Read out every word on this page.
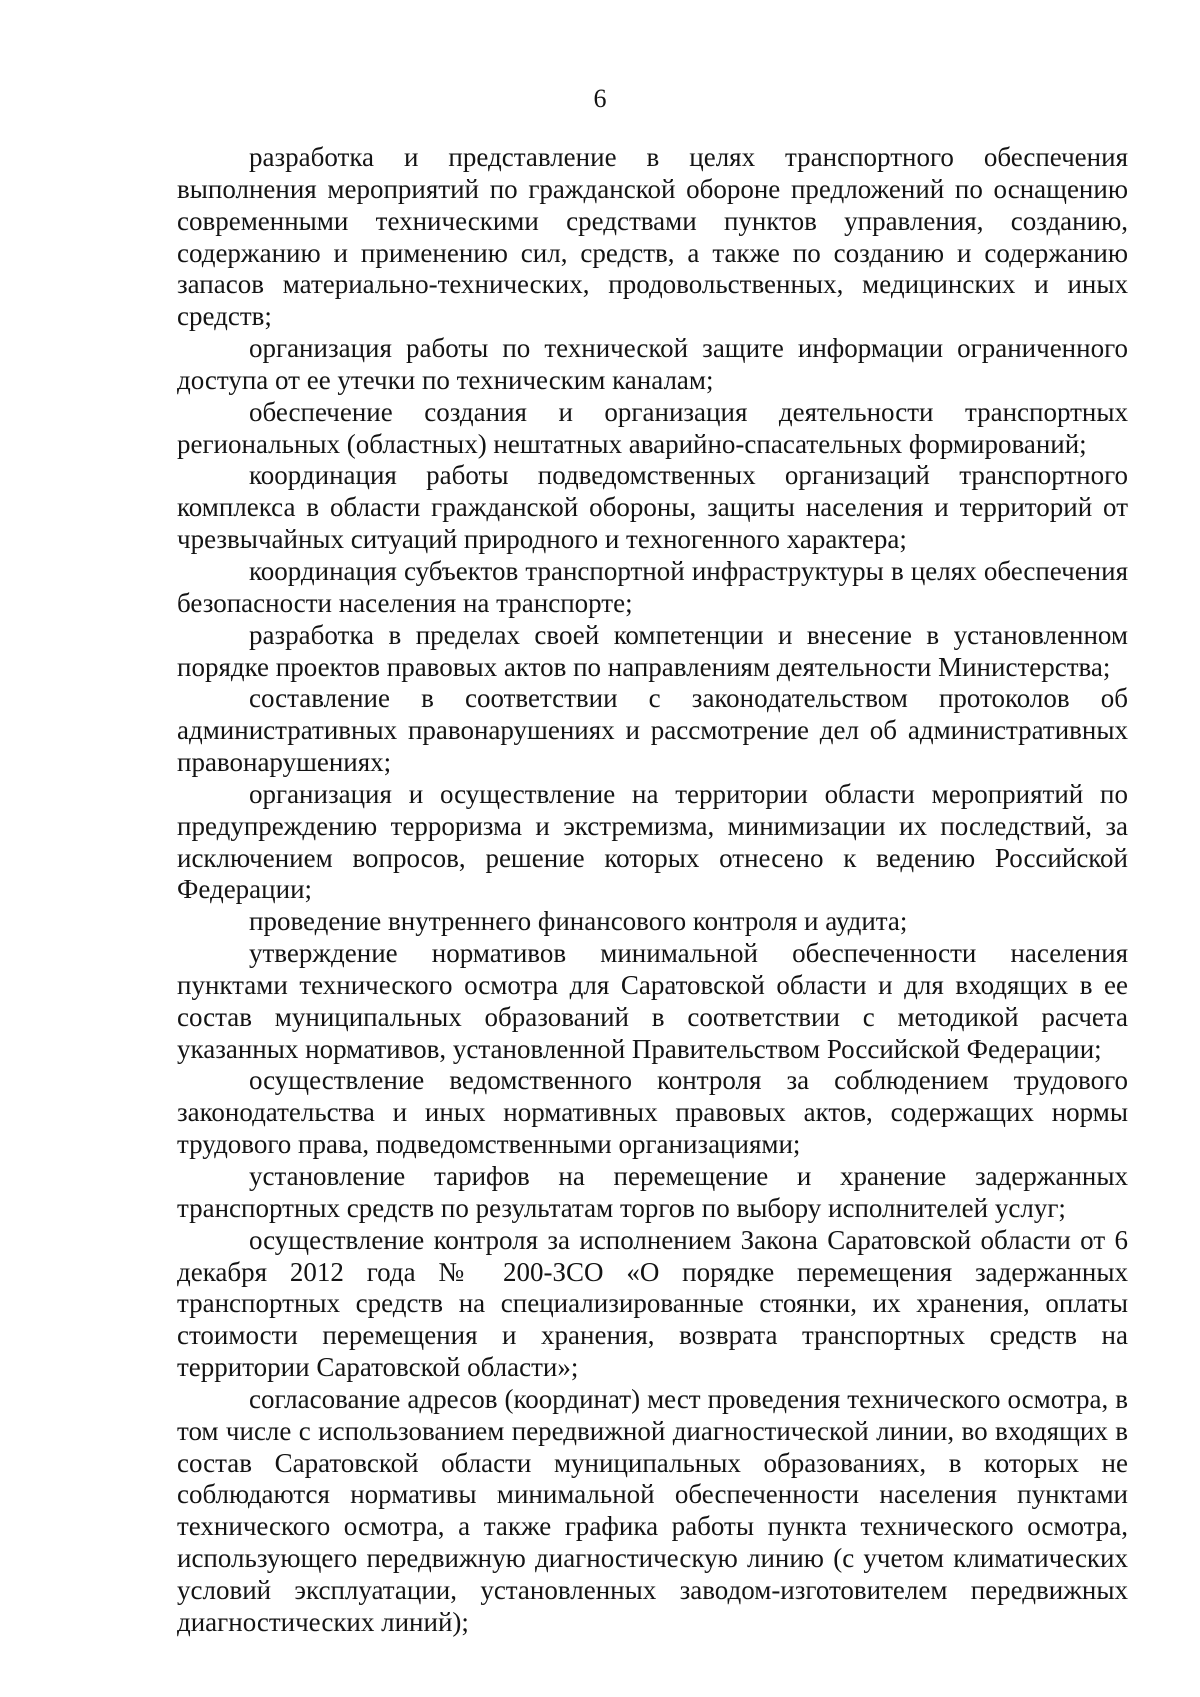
6

разработка и представление в целях транспортного обеспечения выполнения мероприятий по гражданской обороне предложений по оснащению современными техническими средствами пунктов управления, созданию, содержанию и применению сил, средств, а также по созданию и содержанию запасов материально-технических, продовольственных, медицинских и иных средств;

организация работы по технической защите информации ограниченного доступа от ее утечки по техническим каналам;

обеспечение создания и организация деятельности транспортных региональных (областных) нештатных аварийно-спасательных формирований;

координация работы подведомственных организаций транспортного комплекса в области гражданской обороны, защиты населения и территорий от чрезвычайных ситуаций природного и техногенного характера;

координация субъектов транспортной инфраструктуры в целях обеспечения безопасности населения на транспорте;

разработка в пределах своей компетенции и внесение в установленном порядке проектов правовых актов по направлениям деятельности Министерства;

составление в соответствии с законодательством протоколов об административных правонарушениях и рассмотрение дел об административных правонарушениях;

организация и осуществление на территории области мероприятий по предупреждению терроризма и экстремизма, минимизации их последствий, за исключением вопросов, решение которых отнесено к ведению Российской Федерации;

проведение внутреннего финансового контроля и аудита;

утверждение нормативов минимальной обеспеченности населения пунктами технического осмотра для Саратовской области и для входящих в ее состав муниципальных образований в соответствии с методикой расчета указанных нормативов, установленной Правительством Российской Федерации;

осуществление ведомственного контроля за соблюдением трудового законодательства и иных нормативных правовых актов, содержащих нормы трудового права, подведомственными организациями;

установление тарифов на перемещение и хранение задержанных транспортных средств по результатам торгов по выбору исполнителей услуг;

осуществление контроля за исполнением Закона Саратовской области от 6 декабря 2012 года № 200-ЗСО «О порядке перемещения задержанных транспортных средств на специализированные стоянки, их хранения, оплаты стоимости перемещения и хранения, возврата транспортных средств на территории Саратовской области»;

согласование адресов (координат) мест проведения технического осмотра, в том числе с использованием передвижной диагностической линии, во входящих в состав Саратовской области муниципальных образованиях, в которых не соблюдаются нормативы минимальной обеспеченности населения пунктами технического осмотра, а также графика работы пункта технического осмотра, использующего передвижную диагностическую линию (с учетом климатических условий эксплуатации, установленных заводом-изготовителем передвижных диагностических линий);
